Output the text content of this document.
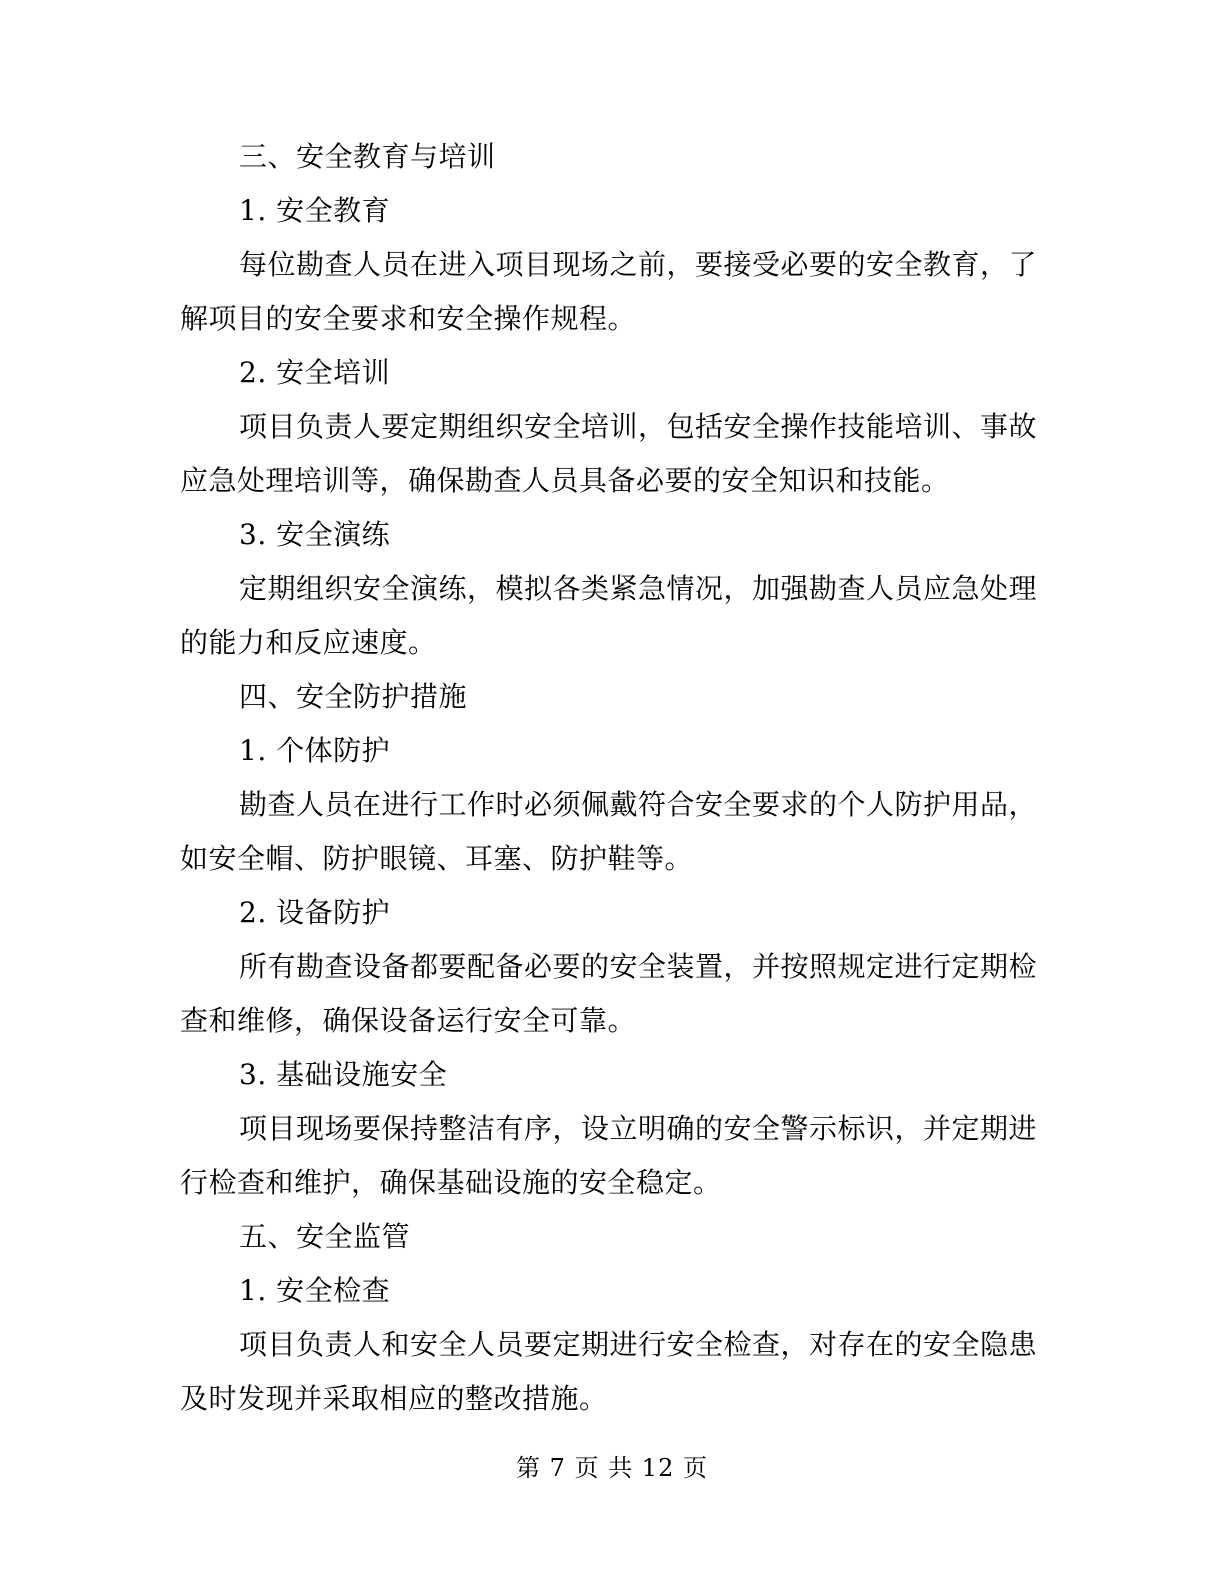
三、安全教育与培训
1. 安全教育
每位勘查人员在进入项目现场之前，要接受必要的安全教育，了
解项目的安全要求和安全操作规程。
2. 安全培训
项目负责人要定期组织安全培训，包括安全操作技能培训、事故
应急处理培训等，确保勘查人员具备必要的安全知识和技能。
3. 安全演练
定期组织安全演练，模拟各类紧急情况，加强勘查人员应急处理
的能力和反应速度。
四、安全防护措施
1. 个体防护
勘查人员在进行工作时必须佩戴符合安全要求的个人防护用品，
如安全帽、防护眼镜、耳塞、防护鞋等。
2. 设备防护
所有勘查设备都要配备必要的安全装置，并按照规定进行定期检
查和维修，确保设备运行安全可靠。
3. 基础设施安全
项目现场要保持整洁有序，设立明确的安全警示标识，并定期进
行检查和维护，确保基础设施的安全稳定。
五、安全监管
1. 安全检查
项目负责人和安全人员要定期进行安全检查，对存在的安全隐患
及时发现并采取相应的整改措施。
第 7 页 共 12 页
